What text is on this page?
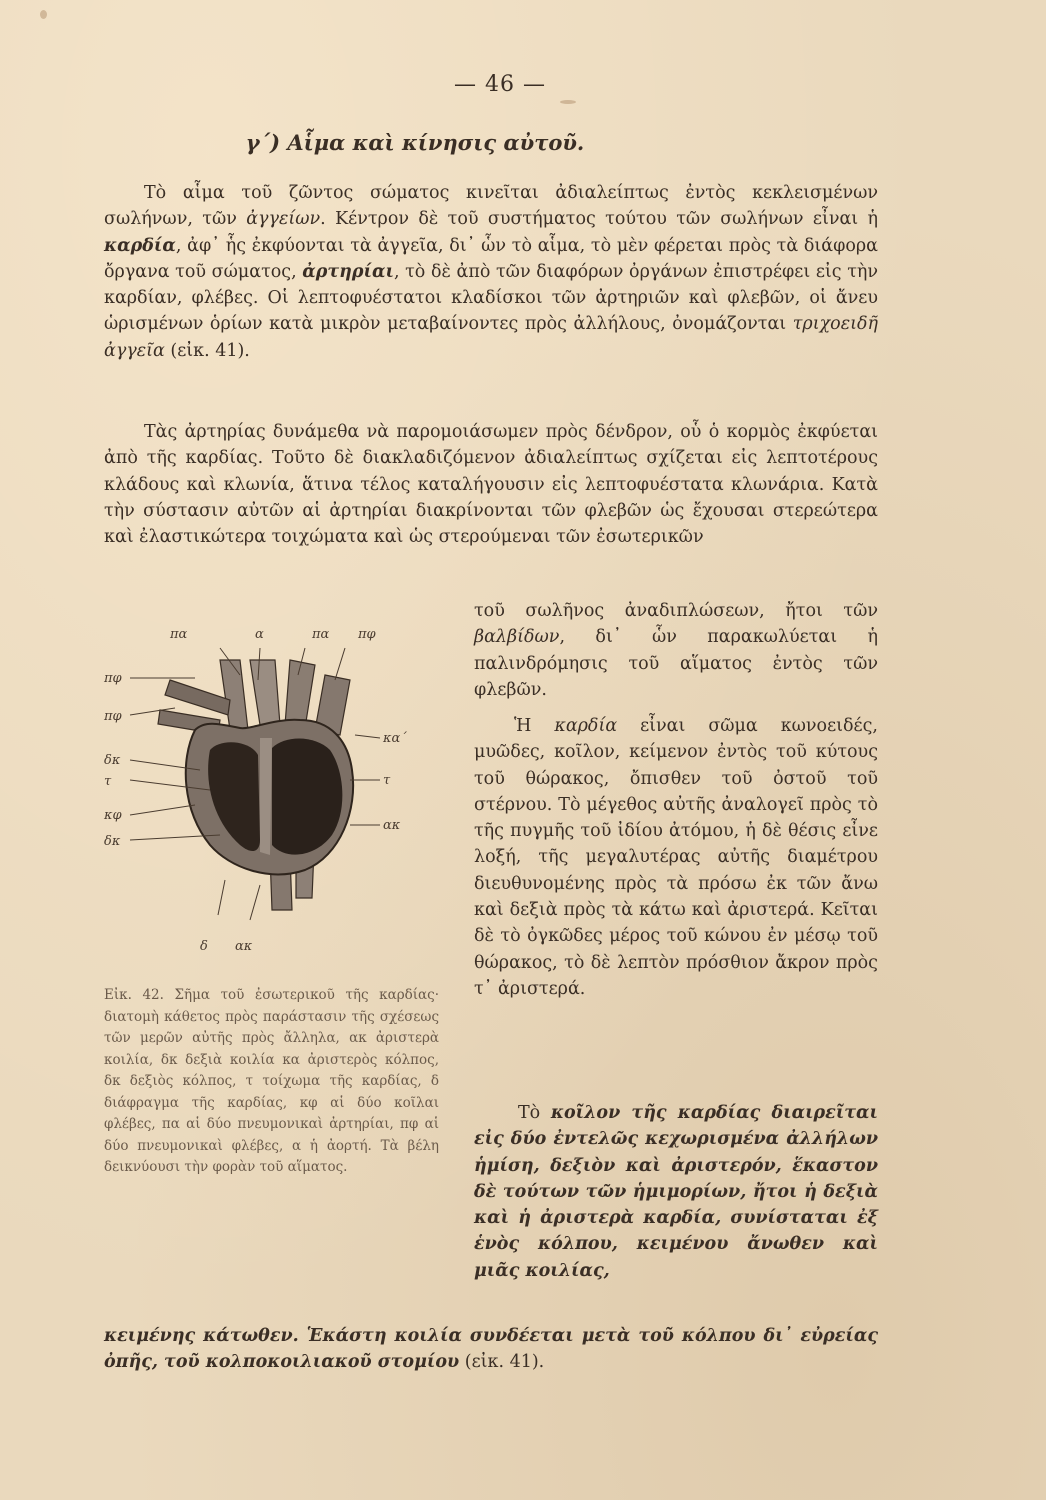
— 46 —
γ΄) Αἷμα καὶ κίνησις αὐτοῦ.

Τὸ αἷμα τοῦ ζῶντος σώματος κινεῖται ἀδιαλείπτως ἐντὸς κεκλεισμένων σωλήνων, τῶν ἀγγείων. Κέντρον δὲ τοῦ συστήματος τούτου τῶν σωλήνων εἶναι ἡ καρδία, ἀφ᾽ ἧς ἐκφύονται τὰ ἀγγεῖα, δι᾽ ὧν τὸ αἷμα, τὸ μὲν φέρεται πρὸς τὰ διάφορα ὄργανα τοῦ σώματος, ἀρτηρίαι, τὸ δὲ ἀπὸ τῶν διαφόρων ὀργάνων ἐπιστρέφει εἰς τὴν καρδίαν, φλέβες. Οἱ λεπτοφυέστατοι κλαδίσκοι τῶν ἀρτηριῶν καὶ φλεβῶν, οἱ ἄνευ ὡρισμένων ὁρίων κατὰ μικρὸν μεταβαίνοντες πρὸς ἀλλήλους, ὀνομάζονται τριχοειδῆ ἀγγεῖα (εἰκ. 41).

Τὰς ἀρτηρίας δυνάμεθα νὰ παρομοιάσωμεν πρὸς δένδρον, οὗ ὁ κορμὸς ἐκφύεται ἀπὸ τῆς καρδίας. Τοῦτο δὲ διακλαδιζόμενον ἀδιαλείπτως σχίζεται εἰς λεπτοτέρους κλάδους καὶ κλωνία, ἅτινα τέλος καταλήγουσιν εἰς λεπτοφυέστατα κλωνάρια. Κατὰ τὴν σύστασιν αὐτῶν αἱ ἀρτηρίαι διακρίνονται τῶν φλεβῶν ὡς ἔχουσαι στερεώτερα καὶ ἐλαστικώτερα τοιχώματα καὶ ὡς στερούμεναι τῶν ἐσωτερικῶν

τοῦ σωλῆνος ἀναδιπλώσεων, ἤτοι τῶν βαλβίδων, δι᾽ ὧν παρακωλύεται ἡ παλινδρόμησις τοῦ αἵματος ἐντὸς τῶν φλεβῶν.

Ἡ καρδία εἶναι σῶμα κωνοειδές, μυῶδες, κοῖλον, κείμενον ἐντὸς τοῦ κύτους τοῦ θώρακος, ὄπισθεν τοῦ ὀστοῦ τοῦ στέρνου. Τὸ μέγεθος αὐτῆς ἀναλογεῖ πρὸς τὸ τῆς πυγμῆς τοῦ ἰδίου ἀτόμου, ἡ δὲ θέσις εἶνε λοξή, τῆς μεγαλυτέρας αὐτῆς διαμέτρου διευθυνομένης πρὸς τὰ πρόσω ἐκ τῶν ἄνω καὶ δεξιὰ πρὸς τὰ κάτω καὶ ἀριστερά. Κεῖται δὲ τὸ ὀγκῶδες μέρος τοῦ κώνου ἐν μέσῳ τοῦ θώρακος, τὸ δὲ λεπτὸν πρόσθιον ἄκρον πρὸς τ᾽ ἀριστερά.

Τὸ κοῖλον τῆς καρδίας διαιρεῖται εἰς δύο ἐντελῶς κεχωρισμένα ἀλλήλων ἡμίση, δεξιὸν καὶ ἀριστερόν, ἕκαστον δὲ τούτων τῶν ἡμιμορίων, ἤτοι ἡ δεξιὰ καὶ ἡ ἀριστερὰ καρδία, συνίσταται ἐξ ἑνὸς κόλπου, κειμένου ἄνωθεν καὶ μιᾶς κοιλίας,

κειμένης κάτωθεν. Ἑκάστη κοιλία συνδέεται μετὰ τοῦ κόλπου δι᾽ εὐρείας ὀπῆς, τοῦ κολποκοιλιακοῦ στομίου (εἰκ. 41).

πα	α	πα πφ
πφ
πφ
δκ
τ
κφ
δκ
κα΄
τ
ακ
δ ακ

Εἰκ. 42. Σῆμα τοῦ ἐσωτερικοῦ τῆς καρδίας· διατομὴ κάθετος πρὸς παράστασιν τῆς σχέσεως τῶν μερῶν αὐτῆς πρὸς ἄλληλα, ακ ἀριστερὰ κοιλία, δκ δεξιὰ κοιλία κα ἀριστερὸς κόλπος, δκ δεξιὸς κόλπος, τ τοίχωμα τῆς καρδίας, δ διάφραγμα τῆς καρδίας, κφ αἱ δύο κοῖλαι φλέβες, πα αἱ δύο πνευμονικαὶ ἀρτηρίαι, πφ αἱ δύο πνευμονικαὶ φλέβες, α ἡ ἀορτή. Τὰ βέλη δεικνύουσι τὴν φορὰν τοῦ αἵματος.
